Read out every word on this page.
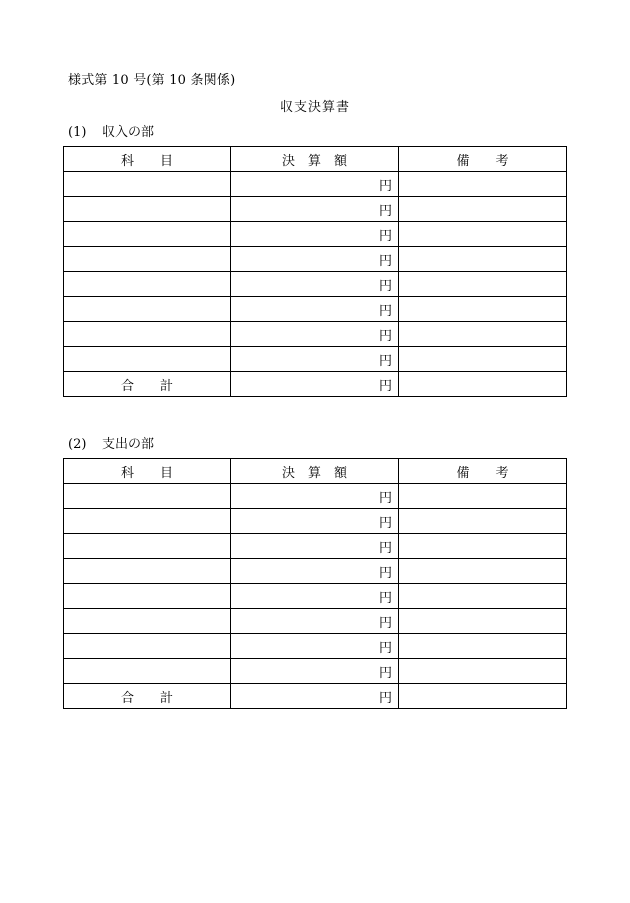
様式第 10 号(第 10 条関係)
収支決算書
(1) 収入の部
科　　目	決　算　額	備　　考
	円	
	円	
	円	
	円	
	円	
	円	
	円	
	円	
合　　計	円	
(2) 支出の部
科　　目	決　算　額	備　　考
	円	
	円	
	円	
	円	
	円	
	円	
	円	
	円	
合　　計	円	
